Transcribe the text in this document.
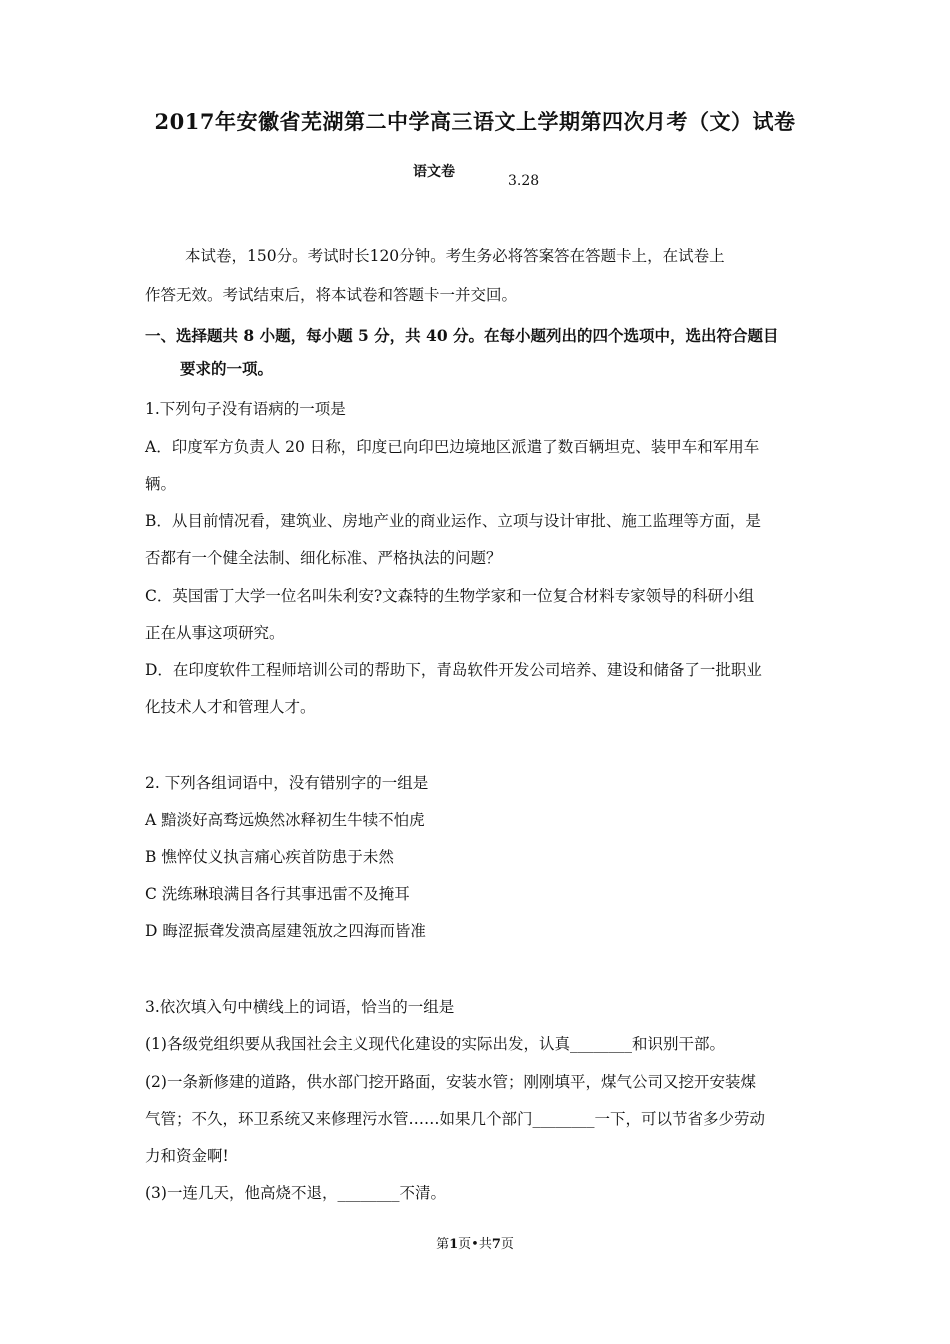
2017年安徽省芜湖第二中学高三语文上学期第四次月考（文）试卷
语文卷
3.28
本试卷，150分。考试时长120分钟。考生务必将答案答在答题卡上，在试卷上
作答无效。考试结束后，将本试卷和答题卡一并交回。
一、选择题共 8 小题，每小题 5 分，共 40 分。在每小题列出的四个选项中，选出符合题目
要求的一项。
1.下列句子没有语病的一项是
A．印度军方负责人 20 日称，印度已向印巴边境地区派遣了数百辆坦克、装甲车和军用车
辆。
B．从目前情况看，建筑业、房地产业的商业运作、立项与设计审批、施工监理等方面，是
否都有一个健全法制、细化标准、严格执法的问题？
C．英国雷丁大学一位名叫朱利安?文森特的生物学家和一位复合材料专家领导的科研小组
正在从事这项研究。
D．在印度软件工程师培训公司的帮助下，青岛软件开发公司培养、建设和储备了一批职业
化技术人才和管理人才。
2. 下列各组词语中，没有错别字的一组是
A 黯淡好高骛远焕然冰释初生牛犊不怕虎
B 憔悴仗义执言痛心疾首防患于未然
C 洗练琳琅满目各行其事迅雷不及掩耳
D 晦涩振聋发溃高屋建瓴放之四海而皆准
3.依次填入句中横线上的词语，恰当的一组是
(1)各级党组织要从我国社会主义现代化建设的实际出发，认真________和识别干部。
(2)一条新修建的道路，供水部门挖开路面，安装水管；刚刚填平，煤气公司又挖开安装煤
气管；不久，环卫系统又来修理污水管……如果几个部门________一下，可以节省多少劳动
力和资金啊!
(3)一连几天，他高烧不退，________不清。
第1页•共7页
